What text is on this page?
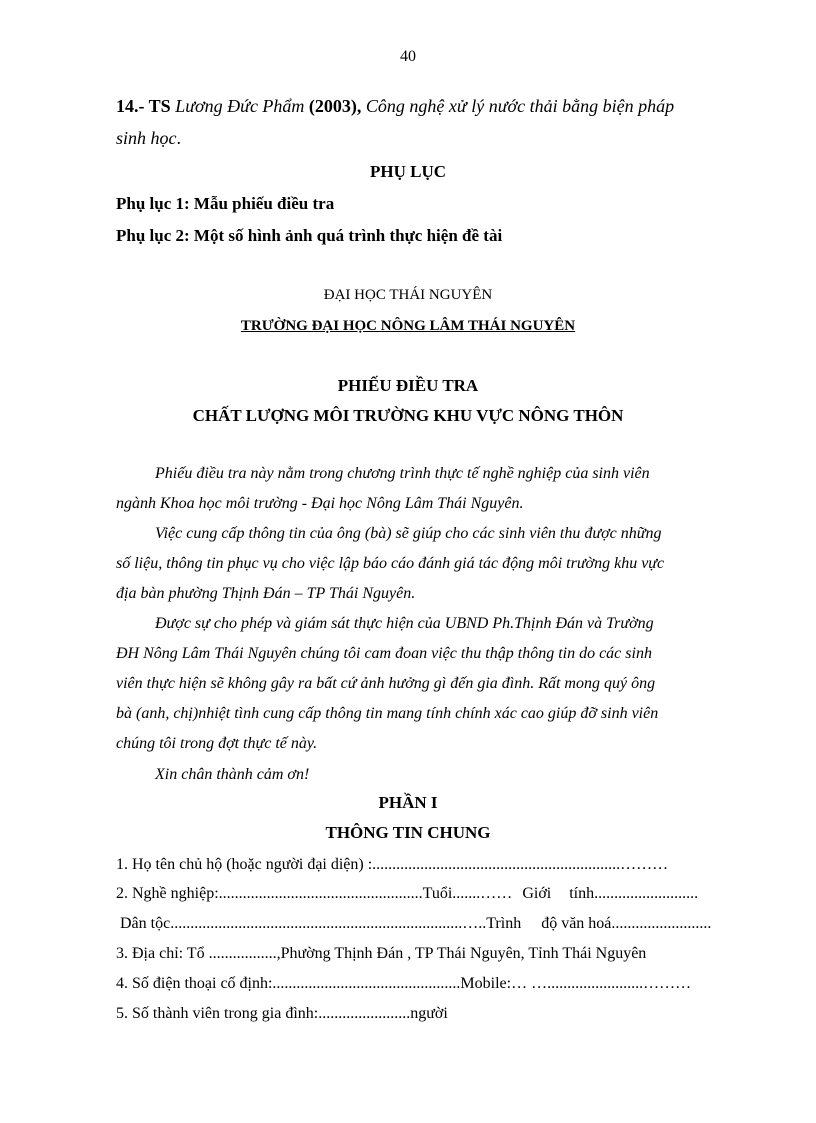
40
14.- TS Lương Đức Phẩm (2003), Công nghệ xử lý nước thải bằng biện pháp
sinh học.
PHỤ LỤC
Phụ lục 1: Mẫu phiếu điều tra
Phụ lục 2: Một số hình ảnh quá trình thực hiện đề tài
ĐẠI HỌC THÁI NGUYÊN
TRƯỜNG ĐẠI HỌC NÔNG LÂM THÁI NGUYÊN
PHIẾU ĐIỀU TRA
CHẤT LƯỢNG MÔI TRƯỜNG KHU VỰC NÔNG THÔN
Phiếu điều tra này nằm trong chương trình thực tế nghề nghiệp của sinh viên
ngành Khoa học môi trường - Đại học Nông Lâm Thái Nguyên.
Việc cung cấp thông tin của ông (bà) sẽ giúp cho các sinh viên thu được những
số liệu, thông tin phục vụ cho việc lập báo cáo đánh giá tác động môi trường khu vực
địa bàn phường Thịnh Đán – TP Thái Nguyên.
Được sự cho phép và giám sát thực hiện của UBND Ph.Thịnh Đán và Trường
ĐH Nông Lâm Thái Nguyên chúng tôi cam đoan việc thu thập thông tin do các sinh
viên thực hiện sẽ không gây ra bất cứ ảnh hưởng gì đến gia đình. Rất mong quý ông
bà (anh, chị)nhiệt tình cung cấp thông tin mang tính chính xác cao giúp đỡ sinh viên
chúng tôi trong đợt thực tế này.
Xin chân thành cảm ơn!
PHẦN I
THÔNG TIN CHUNG
1. Họ tên chủ hộ (hoặc người đại diện) :..............................................................………
2. Nghề nghiệp:...................................................Tuổi.......…… Giới tính..........................
Dân tộc.........................................................................…..Trình độ văn hoá.........................
3. Địa chỉ: Tổ .................,Phường Thịnh Đán , TP Thái Nguyên, Tỉnh Thái Nguyên
4. Số điện thoại cố định:...............................................Mobile:… …........................………
5. Số thành viên trong gia đình:.......................người
